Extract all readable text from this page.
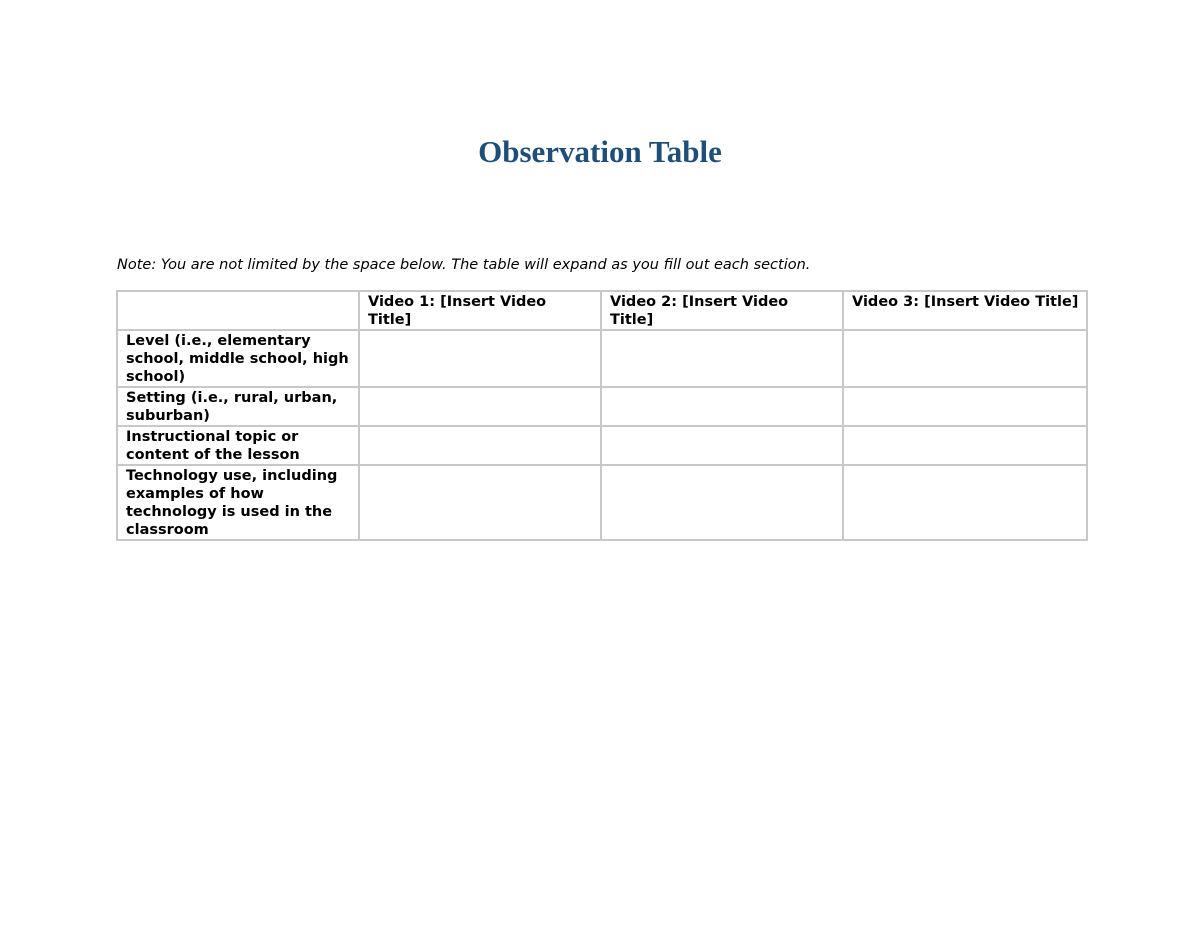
Observation Table

Note: You are not limited by the space below. The table will expand as you fill out each section.

	Video 1: [Insert Video Title]	Video 2: [Insert Video Title]	Video 3: [Insert Video Title]
Level (i.e., elementary school, middle school, high school)			
Setting (i.e., rural, urban, suburban)			
Instructional topic or content of the lesson			
Technology use, including examples of how technology is used in the classroom			
